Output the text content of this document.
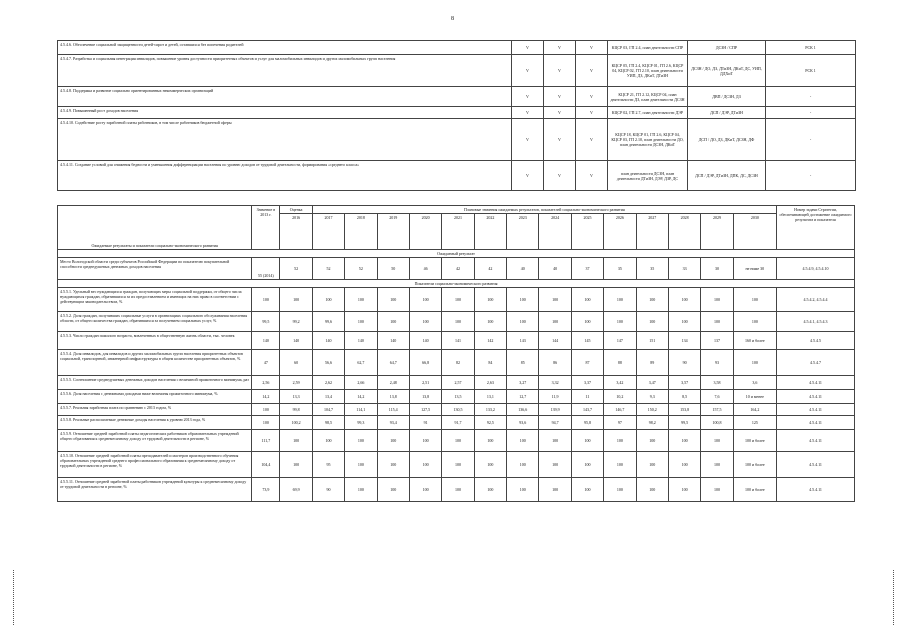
8
4.5.4.6. Обеспечение социальной защищенности детей-сирот и детей, оставшихся без попечения родителей	V	V	V	КЦСР 03, ГП 2.4, план деятельности СПР	ДСЗН / СПР	РСК 1
4.5.4.7. Разработка и социальная интеграция инвалидов, повышение уровня доступности приоритетных объектов и услуг для маломобильных инвалидов и других маломобильных групп населения	V	V	V	КЦСР 05, ГП 2.4, КЦСР 01, ГП 2.6, КЦСР 04, КЦСР 02, ГП 2.10, план деятельности УИП, ДЗ, ДКиТ, ДТиЗН	ДСЗН / ДО, ДЗ, ДТиЗН, ДКиТ, ДС, УИП, ДДХиТ	РСК 1
4.5.4.8. Поддержка и развитие социально ориентированных некоммерческих организаций	V	V	V	КЦСР 21, ГП 2.12, КЦСР 04, план деятельности ДЗ, план деятельности ДСЗН	ДВП / ДСЗН, ДЗ	-
4.5.4.9. Повышенный рост доходов населения	V	V	V	КЦСР 02, ГП 2.7, план деятельности ДЭР	ДСП / ДЭР, ДТиЗН	-
4.5.4.10. Содействие росту заработной платы работников, в том числе работников бюджетной сферы	V	V	V	КЦСР 18, КЦСР 01, ГП 2.6, КЦСР 04, КЦСР 03, ГП 2.10, план деятельности ДО, план деятельности ДСЗН, ДКиТ	ДСП / ДО, ДЗ, ДКиТ, ДСЗН, ДФ	-
4.5.4.11. Создание условий для снижения бедности и уменьшения дифференциации населения по уровню доходов от трудовой деятельности, формирования «среднего класса»	V	V	V	план деятельности ДСЗН, план деятельности ДТиЗН, ДЭР, ДЗР, ДС	ДСП / ДЭР, ДТиЗН, ДПК, ДС, ДСЗН	-
Ожидаемые результаты и показатели социально-экономического развития	Значение в 2013 г.	Оценка	Плановые значения ожидаемых результатов, показателей социально-экономического развития														Номер задачи Стратегии, обеспечивающей достижение ожидаемого результата и показателя
		2016	2017	2018	2019	2020	2021	2022	2023	2024	2025	2026	2027	2028	2029	2030	
Ожидаемый результат																	
Место Вологодской области среди субъектов Российской Федерации по показателю покупательной способности среднедушевых денежных доходов населения	55 (2014)	52	52	52	50	46	42	42	40	40	37	35	35	33	30	не ниже 30	4.5.4.9, 4.5.4.10
Показатели социально-экономического развития																	
4.5.5.1. Удельный вес нуждающихся граждан, получающих меры социальной поддержки, от общего числа нуждающихся граждан, обратившихся за их предоставлением и имеющих на них право в соответствии с действующим законодательством, %	100	100	100	100	100	100	100	100	100	100	100	100	100	100	100	100	4.5.4.2, 4.5.4.4
4.5.5.2. Доля граждан, получивших социальные услуги в организациях социального обслуживания населения области, от общего количества граждан, обратившихся за получением социальных услуг, %	99,5	99,2	99,6	100	100	100	100	100	100	100	100	100	100	100	100	100	4.5.4.1, 4.5.4.3
4.5.5.3. Число граждан пожилого возраста, вовлеченных в общественную жизнь области, тыс. человек	140	140	140	140	140	140	141	142	143	144	145	147	151	134	137	160 и более	4.5.4.5
4.5.5.4. Доля инвалидов, для инвалидов и других маломобильных групп населения приоритетных объектов социальной, транспортной, инженерной инфраструктуры в общем количестве приоритетных объектов, %	47	60	56,6	62,7	64,7	66,8	82	84	85	86	87	88	89	90	93	100	4.5.4.7
4.5.5.5. Соотношение среднедушевых денежных доходов населения с величиной прожиточного минимума, раз	2,56	2,59	2,62	2,66	2,48	2,51	2,57	2,63	3,27	3,32	3,37	3,42	3,47	3,57	3,58	3,6	4.5.4.11
4.5.5.6. Доля населения с денежными доходами ниже величины прожиточного минимума, %	14,2	13,3	13,4	14,2	13,8	13,8	13,5	13,1	12,7	11,9	11	10,2	9,3	8,5	7,6	10 и менее	4.5.4.11
4.5.5.7. Реальная заработная плата по сравнению с 2013 годом, %	100	99,8	104,7	114,1	115,4	127,5	130,5	133,2	136,6	139,9	143,7	146,7	150,2	153,8	157,5	164,2	4.5.4.11
4.5.5.8. Реальные располагаемые денежные доходы населения к уровню 2013 года, %	100	100,2	98,5	99,3	93,4	91	91,7	92,5	93,6	94,7	95,8	97	98,2	99,5	100,8	125	4.5.4.11
4.5.5.9. Отношение средней заработной платы педагогических работников образовательных учреждений общего образования к среднемесячному доходу от трудовой деятельности в регионе, %	111,7	100	100	100	100	100	100	100	100	100	100	100	100	100	100	100 и более	4.5.4.11
4.5.5.10. Отношение средней заработной платы преподавателей и мастеров производственного обучения образовательных учреждений среднего профессионального образования к среднемесячному доходу от трудовой деятельности в регионе, %	104,4	100	95	100	100	100	100	100	100	100	100	100	100	100	100	100 и более	4.5.4.11
4.5.5.11. Отношение средней заработной платы работников учреждений культуры к среднемесячному доходу от трудовой деятельности в регионе, %	73,9	69,9	90	100	100	100	100	100	100	100	100	100	100	100	100	100 и более	4.5.4.11
